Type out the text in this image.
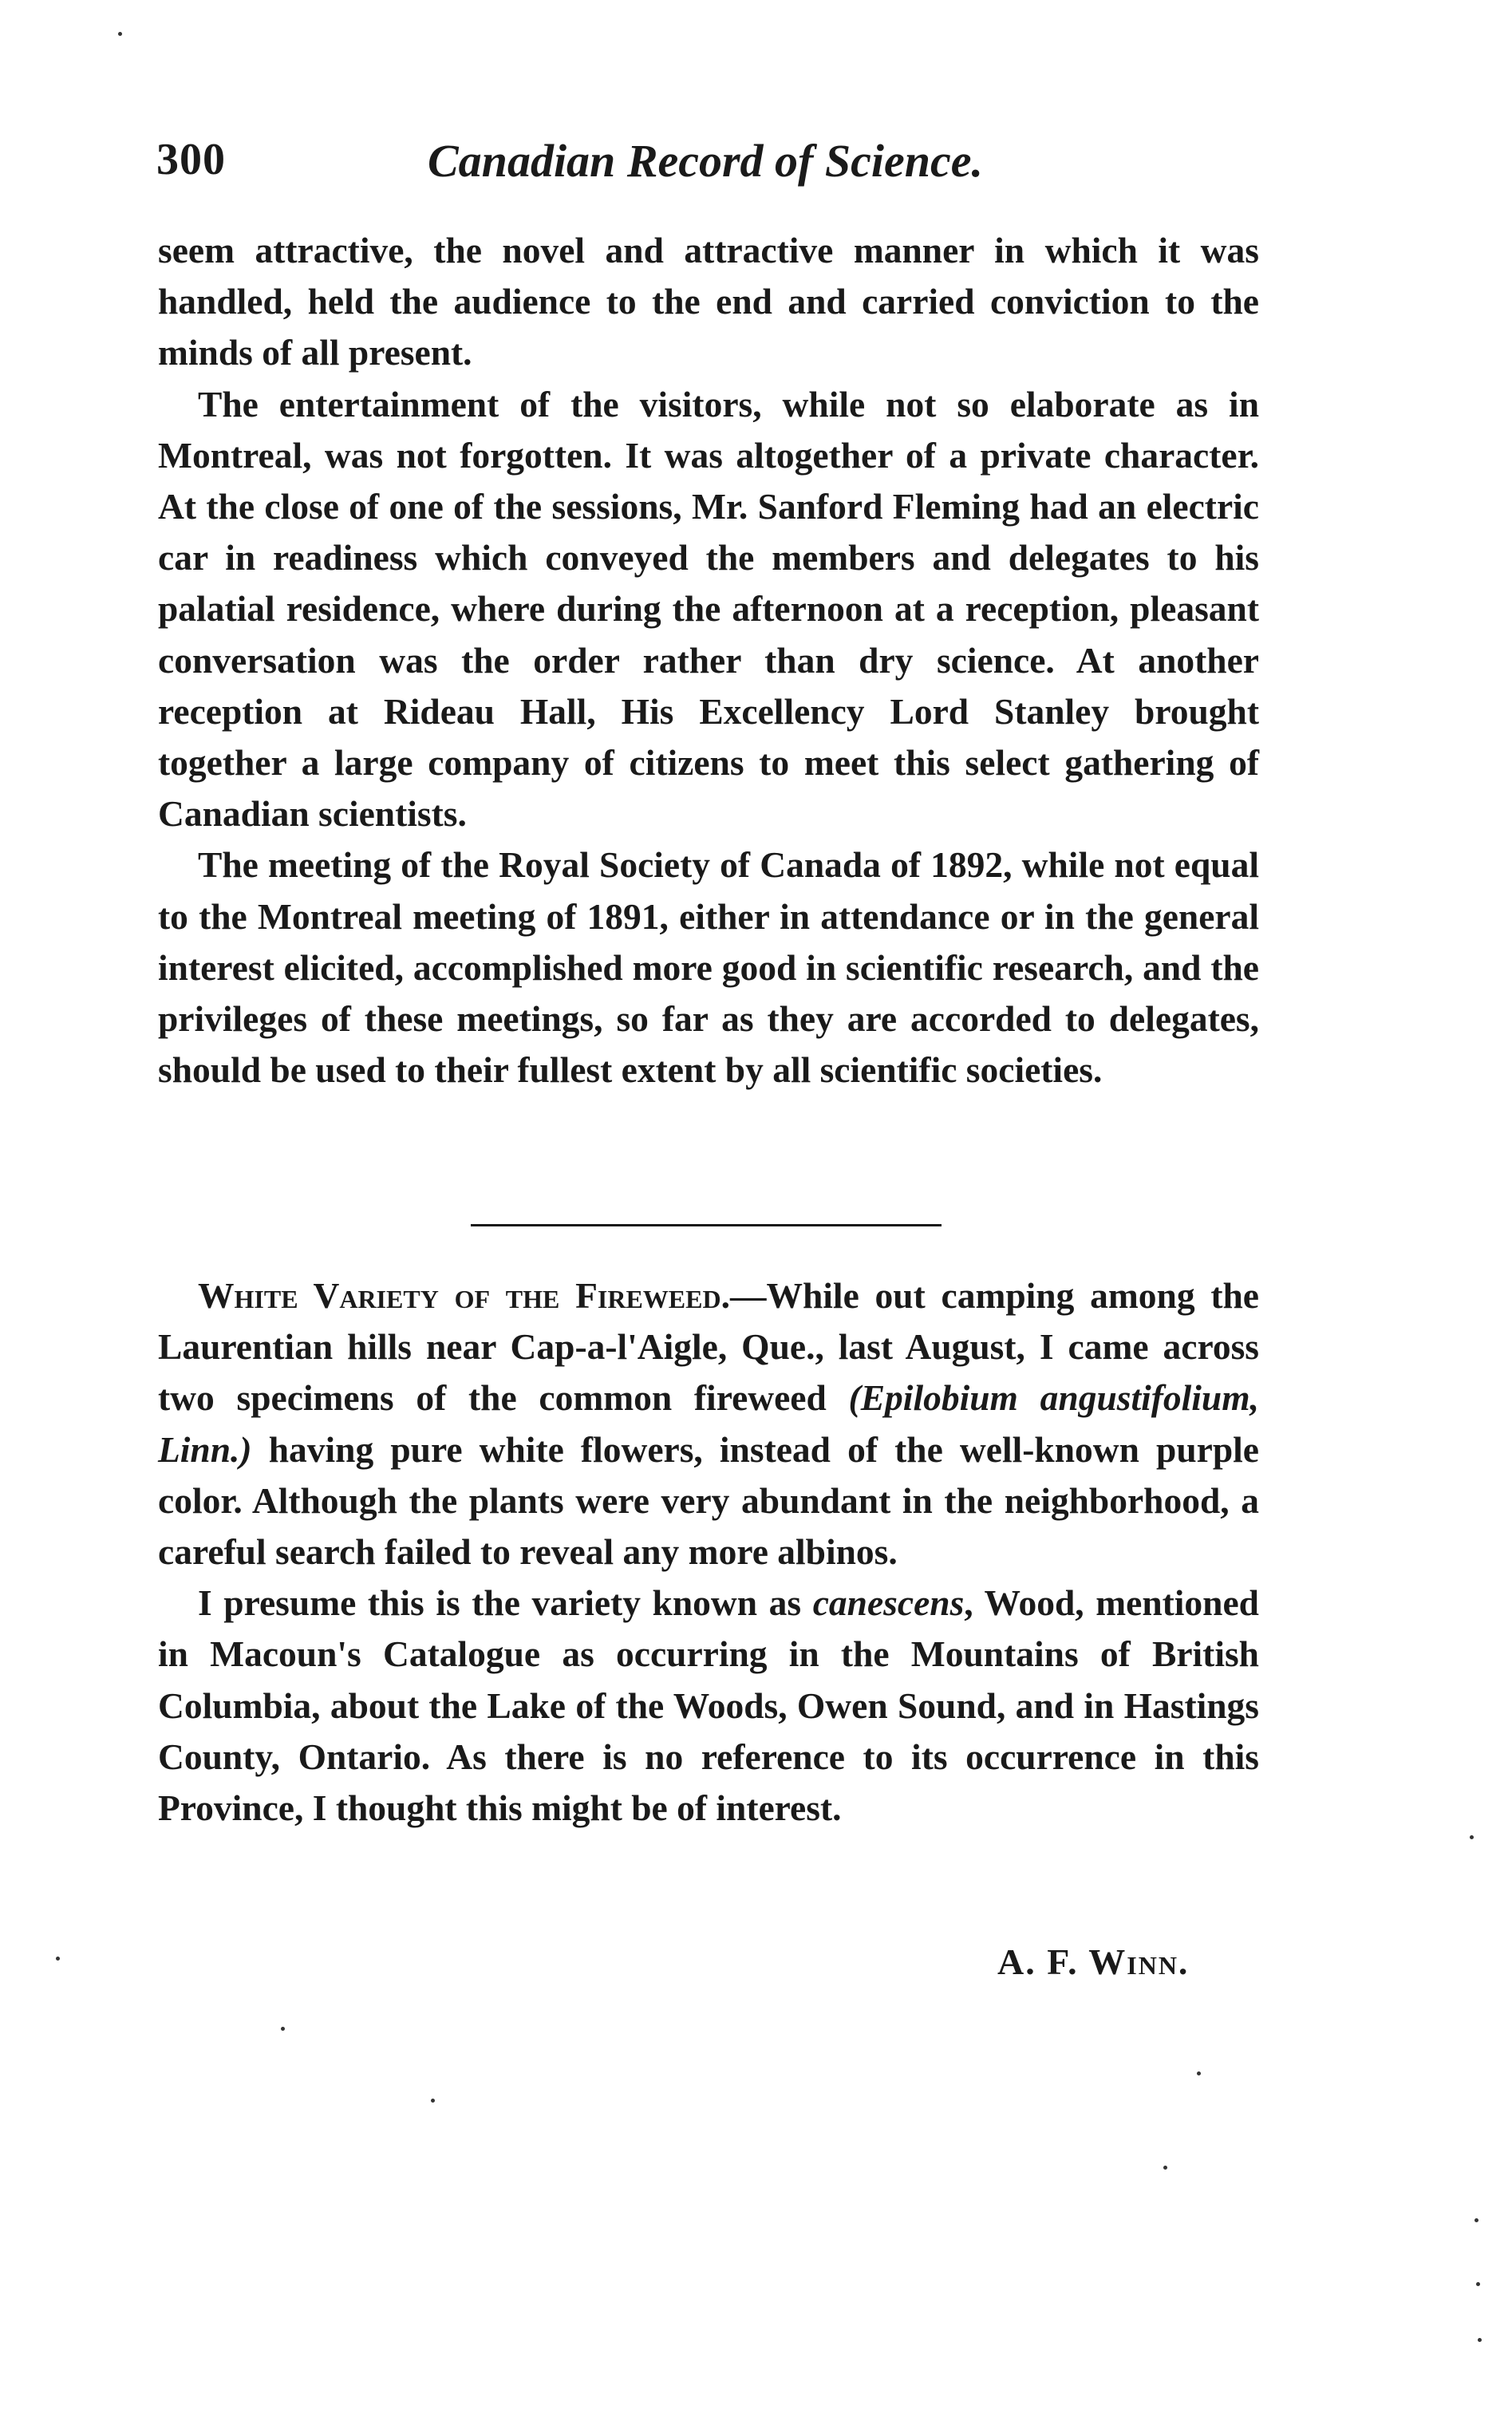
300	Canadian Record of Science.

seem attractive, the novel and attractive manner in which it was handled, held the audience to the end and carried conviction to the minds of all present.

The entertainment of the visitors, while not so elaborate as in Montreal, was not forgotten. It was altogether of a private character. At the close of one of the sessions, Mr. Sanford Fleming had an electric car in readiness which conveyed the members and delegates to his palatial residence, where during the afternoon at a reception, pleasant conversation was the order rather than dry science. At another reception at Rideau Hall, His Excellency Lord Stanley brought together a large company of citizens to meet this select gathering of Canadian scientists.

The meeting of the Royal Society of Canada of 1892, while not equal to the Montreal meeting of 1891, either in attendance or in the general interest elicited, accomplished more good in scientific research, and the privileges of these meetings, so far as they are accorded to delegates, should be used to their fullest extent by all scientific societies.

White Variety of the Fireweed.—While out camping among the Laurentian hills near Cap-a-l'Aigle, Que., last August, I came across two specimens of the common fireweed (Epilobium angustifolium, Linn.) having pure white flowers, instead of the well-known purple color. Although the plants were very abundant in the neighborhood, a careful search failed to reveal any more albinos.

I presume this is the variety known as canescens, Wood, mentioned in Macoun's Catalogue as occurring in the Mountains of British Columbia, about the Lake of the Woods, Owen Sound, and in Hastings County, Ontario. As there is no reference to its occurrence in this Province, I thought this might be of interest.

A. F. Winn.
